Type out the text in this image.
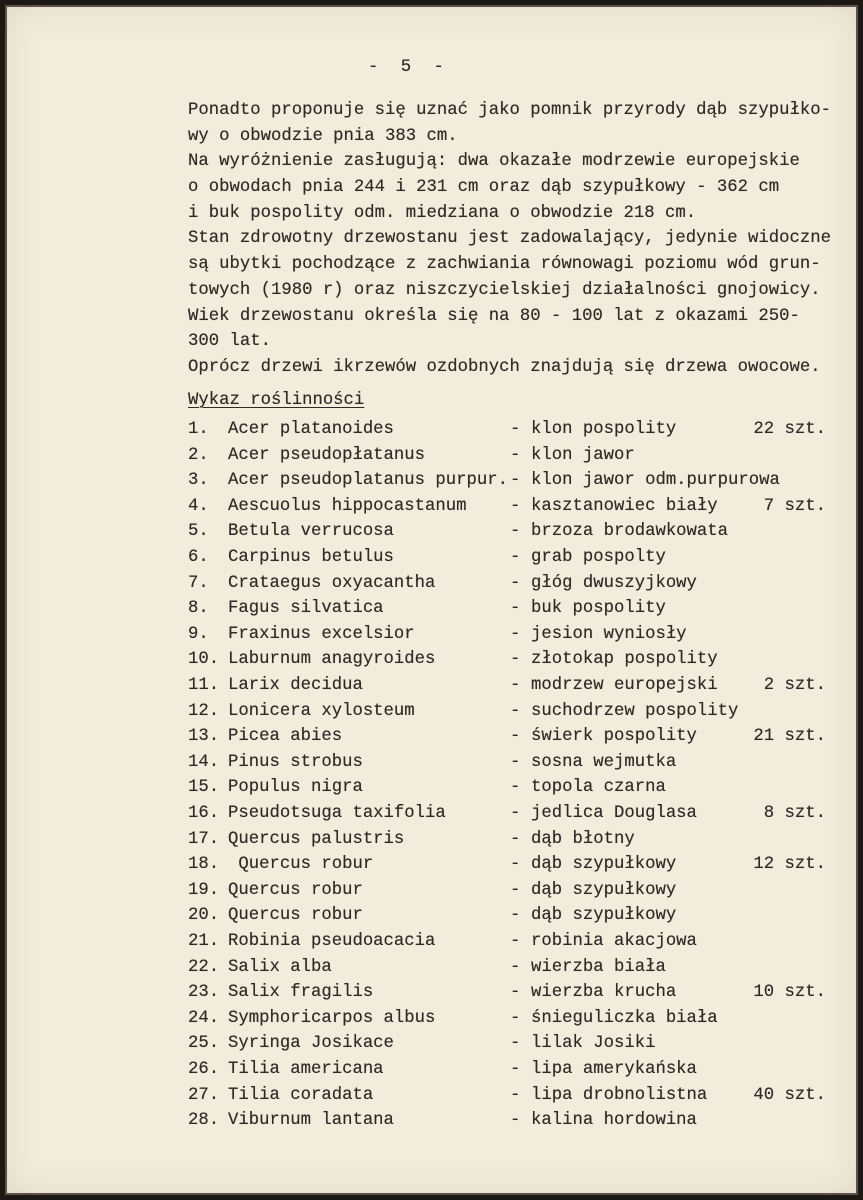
- 5 -
Ponadto proponuje się uznać jako pomnik przyrody dąb szypułko-
wy o obwodzie pnia 383 cm.
Na wyróżnienie zasługują: dwa okazałe modrzewie europejskie
o obwodach pnia 244 i 231 cm oraz dąb szypułkowy - 362 cm
i buk pospolity odm. miedziana o obwodzie 218 cm.
Stan zdrowotny drzewostanu jest zadowalający, jedynie widoczne
są ubytki pochodzące z zachwiania równowagi poziomu wód grun-
towych (1980 r) oraz niszczycielskiej działalności gnojowicy.
Wiek drzewostanu określa się na 80 - 100 lat z okazami 250-
300 lat.
Oprócz drzewi ikrzewów ozdobnych znajdują się drzewa owocowe.
Wykaz roślinności
1. Acer platanoides	- klon pospolity	22 szt.
2. Acer pseudopłatanus	- klon jawor
3. Acer pseudoplatanus purpur. - klon jawor odm.purpurowa
4. Aescuolus hippocastanum	- kasztanowiec biały	7 szt.
5. Betula verrucosa	- brzoza brodawkowata
6. Carpinus betulus	- grab pospolty
7. Crataegus oxyacantha	- głóg dwuszyjkowy
8. Fagus silvatica	- buk pospolity
9. Fraxinus excelsior	- jesion wyniosły
10. Laburnum anagyroides	- złotokap pospolity
11. Larix decidua	- modrzew europejski	2 szt.
12. Lonicera xylosteum	- suchodrzew pospolity
13. Picea abies	- świerk pospolity	21 szt.
14. Pinus strobus	- sosna wejmutka
15. Populus nigra	- topola czarna
16. Pseudotsuga taxifolia	- jedlica Douglasa	8 szt.
17. Quercus palustris	- dąb błotny
18. Quercus robur	- dąb szypułkowy	12 szt.
19. Quercus robur	- dąb szypułkowy
20. Quercus robur	- dąb szypułkowy
21. Robinia pseudoacacia	- robinia akacjowa
22. Salix alba	- wierzba biała
23. Salix fragilis	- wierzba krucha	10 szt.
24. Symphoricarpos albus	- śnieguliczka biała
25. Syringa Josikace	- lilak Josiki
26. Tilia americana	- lipa amerykańska
27. Tilia coradata	- lipa drobnolistna	40 szt.
28. Viburnum lantana	- kalina hordowina
